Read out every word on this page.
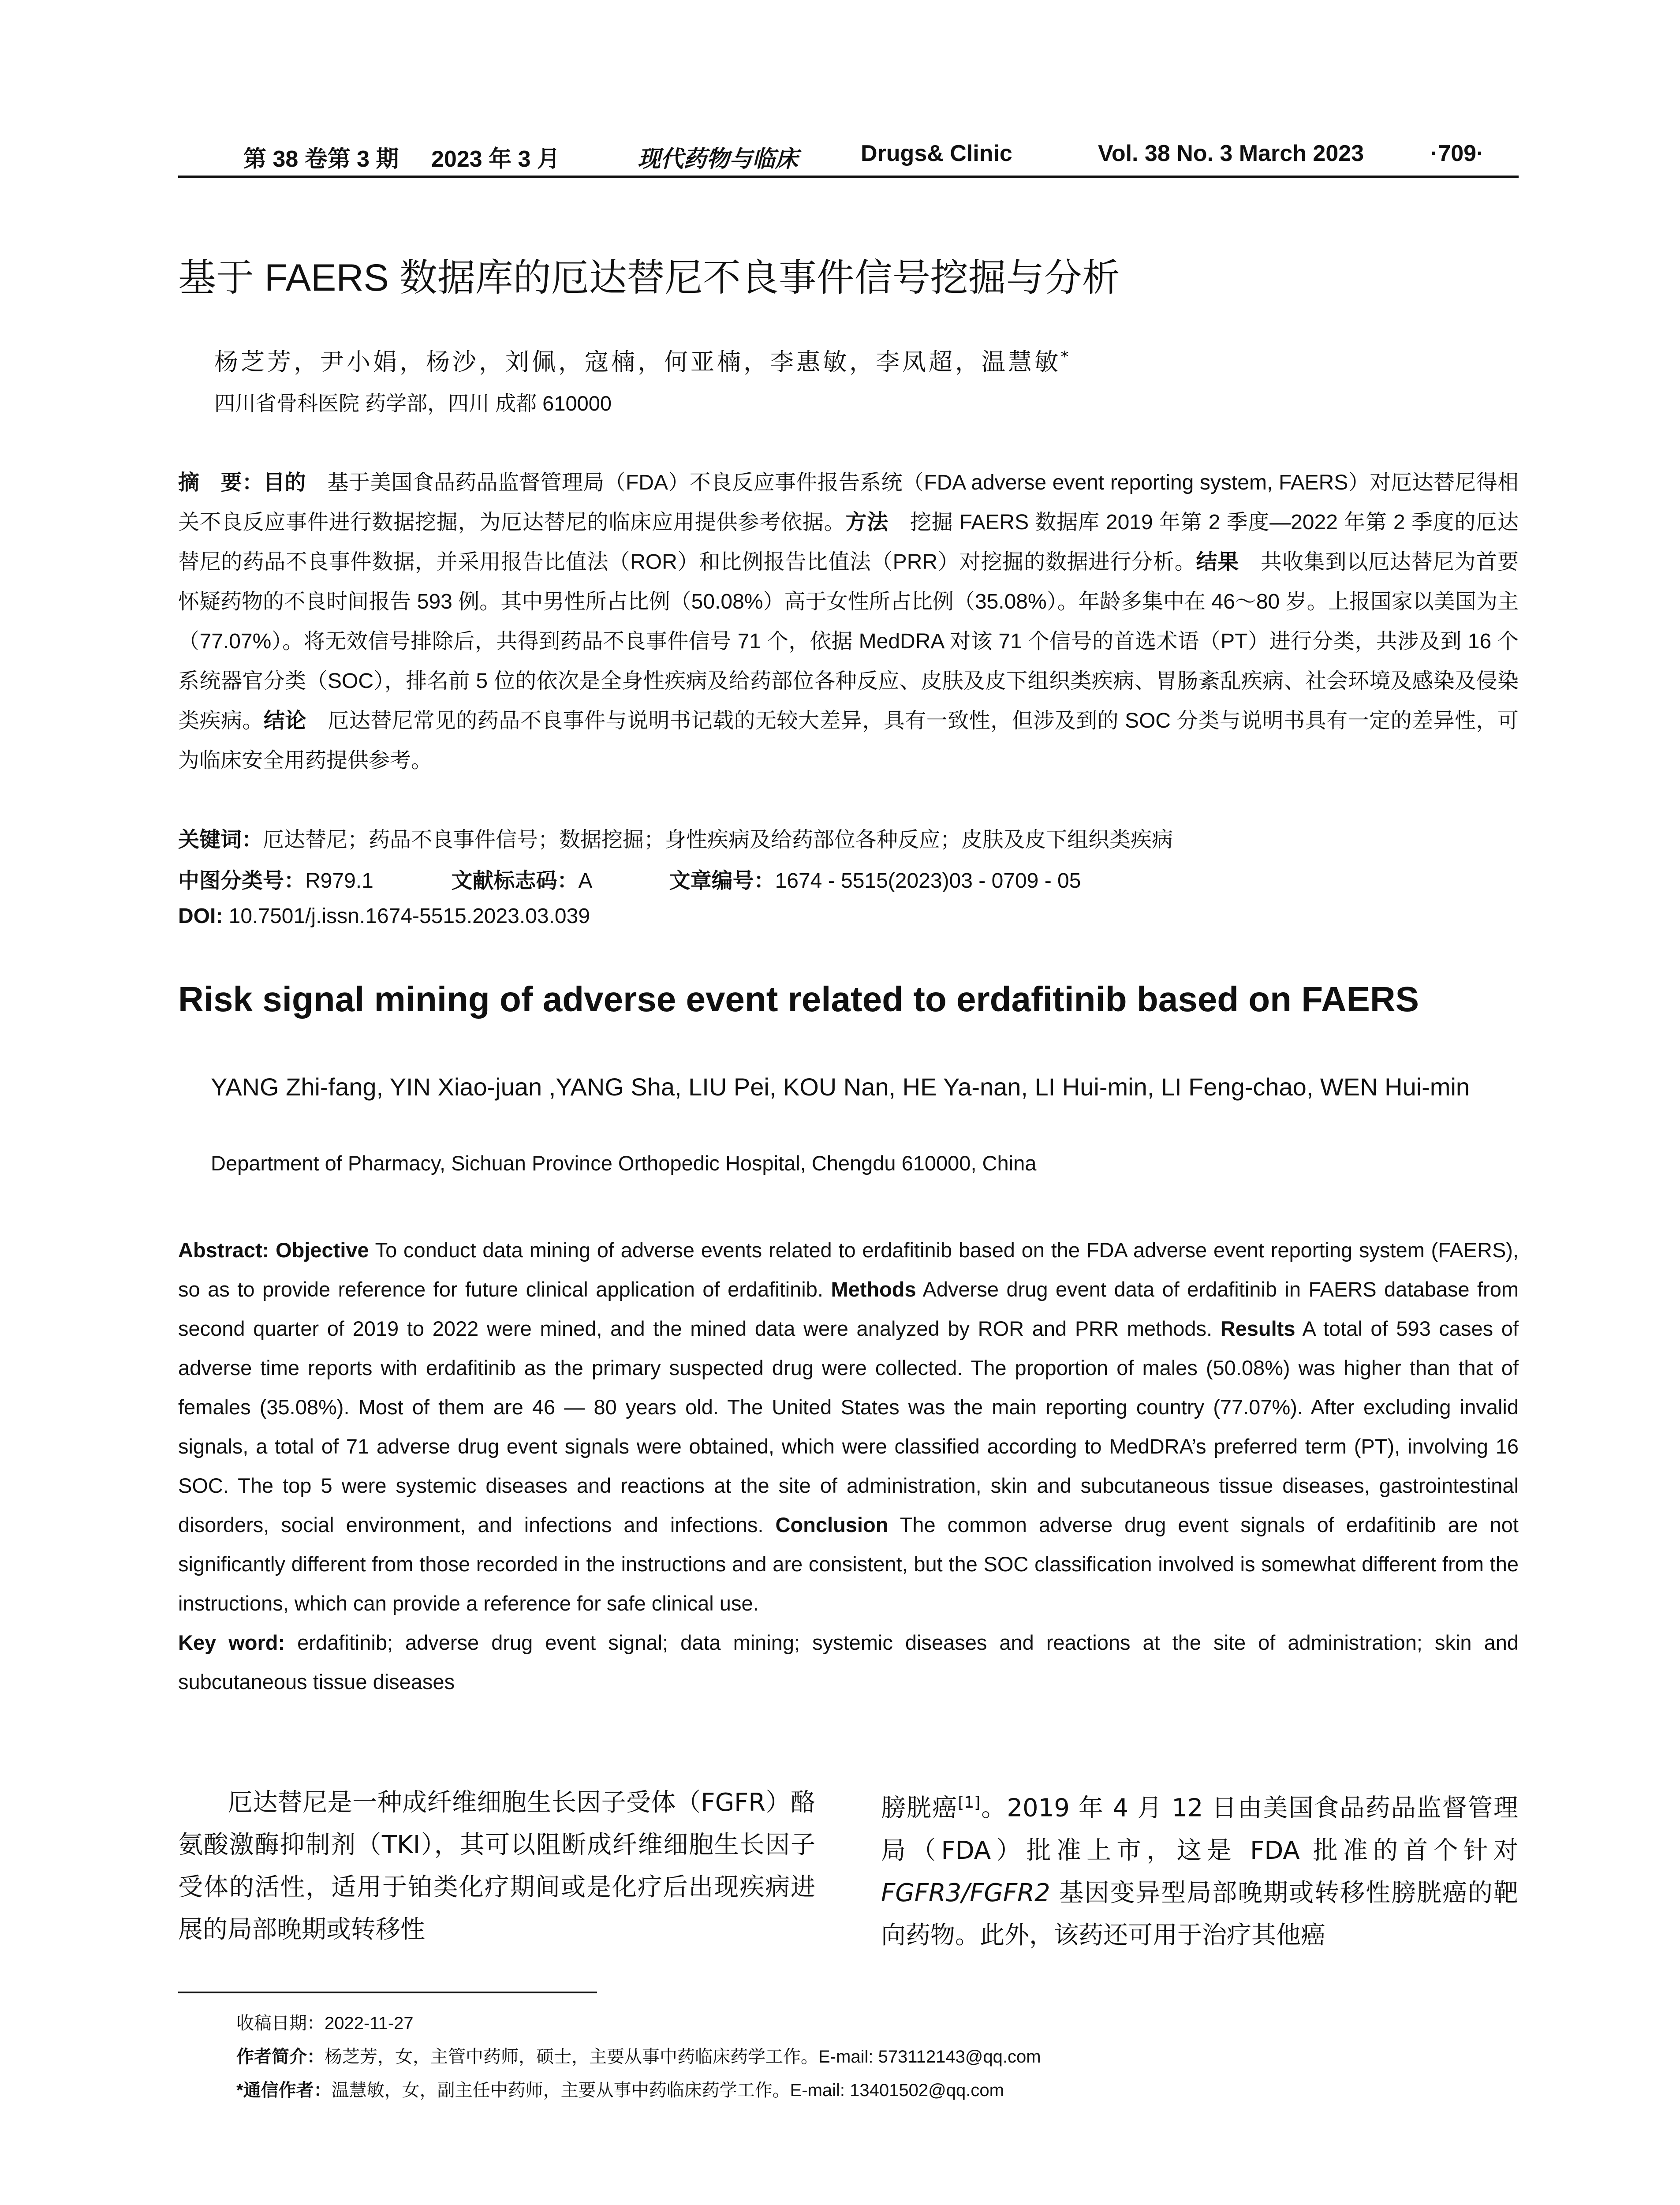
第 38 卷第 3 期 2023 年 3 月	现代药物与临床	Drugs& Clinic	Vol. 38 No. 3 March 2023	·709·
基于 FAERS 数据库的厄达替尼不良事件信号挖掘与分析
杨芝芳，尹小娟，杨沙，刘佩，寇楠，何亚楠，李惠敏，李凤超，温慧敏*
四川省骨科医院 药学部，四川 成都 610000
摘　要：目的　基于美国食品药品监督管理局（FDA）不良反应事件报告系统（FDA adverse event reporting system, FAERS）对厄达替尼得相关不良反应事件进行数据挖掘，为厄达替尼的临床应用提供参考依据。方法　挖掘 FAERS 数据库 2019 年第 2 季度—2022 年第 2 季度的厄达替尼的药品不良事件数据，并采用报告比值法（ROR）和比例报告比值法（PRR）对挖掘的数据进行分析。结果　共收集到以厄达替尼为首要怀疑药物的不良时间报告 593 例。其中男性所占比例（50.08%）高于女性所占比例（35.08%）。年龄多集中在 46～80 岁。上报国家以美国为主（77.07%）。将无效信号排除后，共得到药品不良事件信号 71 个，依据 MedDRA 对该 71 个信号的首选术语（PT）进行分类，共涉及到 16 个系统器官分类（SOC），排名前 5 位的依次是全身性疾病及给药部位各种反应、皮肤及皮下组织类疾病、胃肠紊乱疾病、社会环境及感染及侵染类疾病。结论　厄达替尼常见的药品不良事件与说明书记载的无较大差异，具有一致性，但涉及到的 SOC 分类与说明书具有一定的差异性，可为临床安全用药提供参考。
关键词：厄达替尼；药品不良事件信号；数据挖掘；身性疾病及给药部位各种反应；皮肤及皮下组织类疾病
中图分类号：R979.1	文献标志码：A	文章编号：1674 - 5515(2023)03 - 0709 - 05
DOI: 10.7501/j.issn.1674-5515.2023.03.039
Risk signal mining of adverse event related to erdafitinib based on FAERS
YANG Zhi-fang, YIN Xiao-juan ,YANG Sha, LIU Pei, KOU Nan, HE Ya-nan, LI Hui-min, LI Feng-chao, WEN Hui-min
Department of Pharmacy, Sichuan Province Orthopedic Hospital, Chengdu 610000, China
Abstract: Objective To conduct data mining of adverse events related to erdafitinib based on the FDA adverse event reporting system (FAERS), so as to provide reference for future clinical application of erdafitinib. Methods Adverse drug event data of erdafitinib in FAERS database from second quarter of 2019 to 2022 were mined, and the mined data were analyzed by ROR and PRR methods. Results A total of 593 cases of adverse time reports with erdafitinib as the primary suspected drug were collected. The proportion of males (50.08%) was higher than that of females (35.08%). Most of them are 46 — 80 years old. The United States was the main reporting country (77.07%). After excluding invalid signals, a total of 71 adverse drug event signals were obtained, which were classified according to MedDRA’s preferred term (PT), involving 16 SOC. The top 5 were systemic diseases and reactions at the site of administration, skin and subcutaneous tissue diseases, gastrointestinal disorders, social environment, and infections and infections. Conclusion The common adverse drug event signals of erdafitinib are not significantly different from those recorded in the instructions and are consistent, but the SOC classification involved is somewhat different from the instructions, which can provide a reference for safe clinical use.
Key word: erdafitinib; adverse drug event signal; data mining; systemic diseases and reactions at the site of administration; skin and subcutaneous tissue diseases
　　厄达替尼是一种成纤维细胞生长因子受体（FGFR）酪氨酸激酶抑制剂（TKI），其可以阻断成纤维细胞生长因子受体的活性，适用于铂类化疗期间或是化疗后出现疾病进展的局部晚期或转移性
膀胱癌[1]。2019 年 4 月 12 日由美国食品药品监督管理局（FDA）批准上市，这是 FDA 批准的首个针对 FGFR3/FGFR2 基因变异型局部晚期或转移性膀胱癌的靶向药物。此外，该药还可用于治疗其他癌
收稿日期：2022-11-27
作者简介：杨芝芳，女，主管中药师，硕士，主要从事中药临床药学工作。E-mail: 573112143@qq.com
*通信作者：温慧敏，女，副主任中药师，主要从事中药临床药学工作。E-mail: 13401502@qq.com
